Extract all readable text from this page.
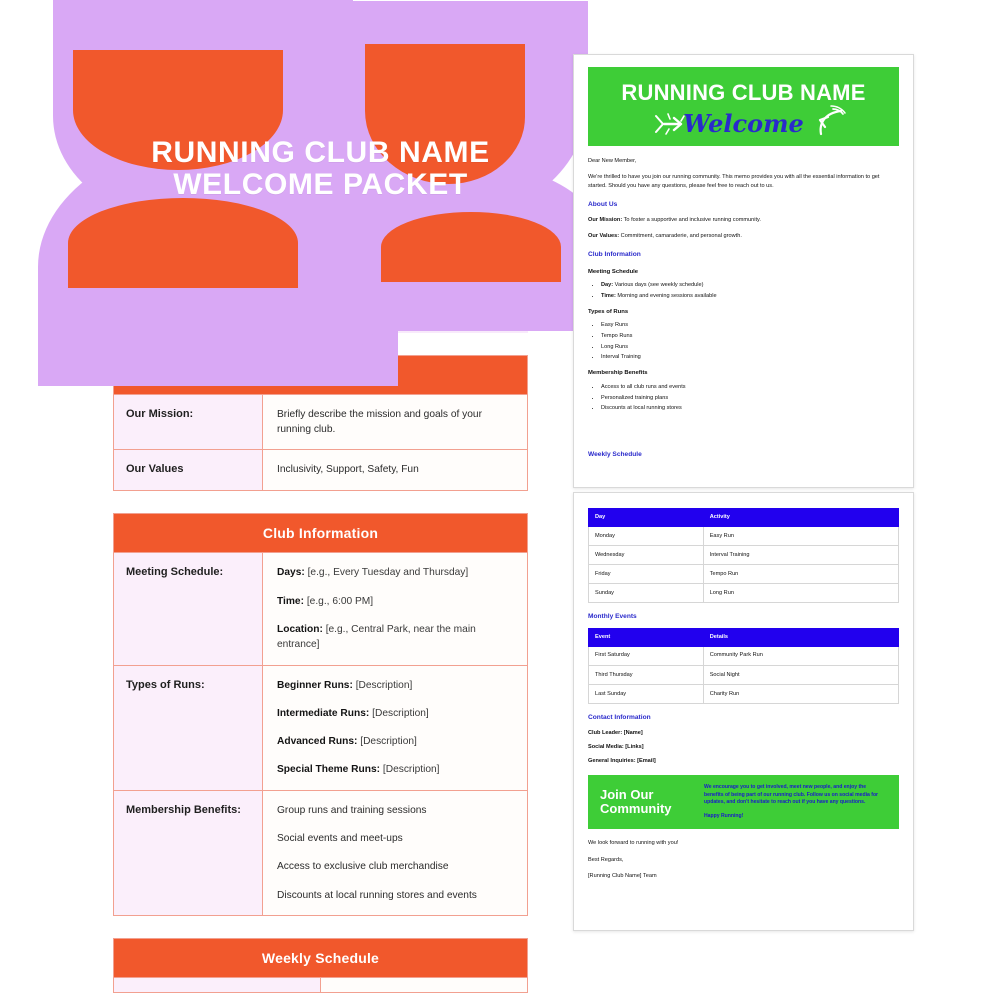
RUNNING CLUB NAME
WELCOME PACKET

Our Mission:	Briefly describe the mission and goals of your running club.
Our Values	Inclusivity, Support, Safety, Fun
Club Information	
Meeting Schedule:	Days: [e.g., Every Tuesday and Thursday]

Time: [e.g., 6:00 PM]

Location: [e.g., Central Park, near the main entrance]

Types of Runs:	Beginner Runs: [Description]

Intermediate Runs: [Description]

Advanced Runs: [Description]

Special Theme Runs: [Description]

Membership Benefits:	Group runs and training sessions

Social events and meet-ups

Access to exclusive club merchandise

Discounts at local running stores and events

Weekly Schedule

RUNNING CLUB NAME
Welcome

Dear New Member,

We're thrilled to have you join our running community. This memo provides you with all the essential information to get started. Should you have any questions, please feel free to reach out to us.

About Us

Our Mission: To foster a supportive and inclusive running community.

Our Values: Commitment, camaraderie, and personal growth.

Club Information
Meeting Schedule
• Day: Various days (see weekly schedule)
• Time: Morning and evening sessions available
Types of Runs
• Easy Runs
• Tempo Runs
• Long Runs
• Interval Training
Membership Benefits
• Access to all club runs and events
• Personalized training plans
• Discounts at local running stores
Weekly Schedule
Day	Activity
Monday	Easy Run
Wednesday	Interval Training
Friday	Tempo Run
Sunday	Long Run
Monthly Events
Event	Details
First Saturday	Community Park Run
Third Thursday	Social Night
Last Sunday	Charity Run
Contact Information

Club Leader: [Name]

Social Media: [Links]

General Inquiries: [Email]

Join Our Community

We encourage you to get involved, meet new people, and enjoy the benefits of being part of our running club. Follow us on social media for updates, and don't hesitate to reach out if you have any questions.

Happy Running!

We look forward to running with you!

Best Regards,

[Running Club Name] Team
